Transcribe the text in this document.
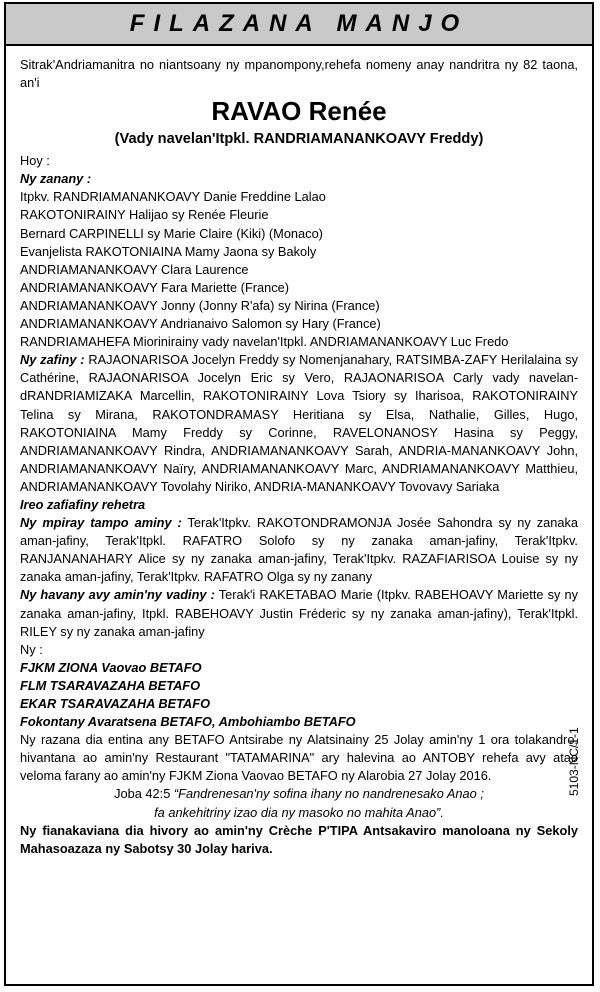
FILAZANA MANJO

Sitrak'Andriamanitra no niantsoany ny mpanompony,rehefa nomeny anay nandritra ny 82 taona, an'i

RAVAO Renée

(Vady navelan'Itpkl. RANDRIAMANANKOAVY Freddy)

Hoy :

Ny zanany :

Itpkv. RANDRIAMANANKOAVY Danie Freddine Lalao

RAKOTONIRAINY Halijao sy Renée Fleurie

Bernard CARPINELLI sy Marie Claire (Kiki) (Monaco)

Evanjelista RAKOTONIAINA Mamy Jaona sy Bakoly

ANDRIAMANANKOAVY Clara Laurence

ANDRIAMANANKOAVY Fara Mariette (France)

ANDRIAMANANKOAVY Jonny (Jonny R'afa) sy Nirina (France)

ANDRIAMANANKOAVY Andrianaivo Salomon sy Hary (France)

RANDRIAMAHEFA Miorinirainy vady navelan'Itpkl. ANDRIAMANANKOAVY Luc Fredo

Ny zafiny : RAJAONARISOA Jocelyn Freddy sy Nomenjanahary, RATSIMBA-ZAFY Herilalaina sy Cathérine, RAJAONARISOA Jocelyn Eric sy Vero, RAJAONARISOA Carly vady navelan-dRANDRIAMIZAKA Marcellin, RAKOTONIRAINY Lova Tsiory sy Iharisoa, RAKOTONIRAINY Telina sy Mirana, RAKOTONDRAMASY Heritiana sy Elsa, Nathalie, Gilles, Hugo, RAKOTONIAINA Mamy Freddy sy Corinne, RAVELONANOSY Hasina sy Peggy, ANDRIAMANANKOAVY Rindra, ANDRIAMANANKOAVY Sarah, ANDRIA-MANANKOAVY John, ANDRIAMANANKOAVY Naïry, ANDRIAMANANKOAVY Marc, ANDRIAMANANKOAVY Matthieu, ANDRIAMANANKOAVY Tovolahy Niriko, ANDRIA-MANANKOAVY Tovovavy Sariaka

Ireo zafiafiny rehetra

Ny mpiray tampo aminy : Terak'Itpkv. RAKOTONDRAMONJA Josée Sahondra sy ny zanaka aman-jafiny, Terak'Itpkl. RAFATRO Solofo sy ny zanaka aman-jafiny, Terak'Itpkv. RANJANANAHARY Alice sy ny zanaka aman-jafiny, Terak'Itpkv. RAZAFIARISOA Louise sy ny zanaka aman-jafiny, Terak'Itpkv. RAFATRO Olga sy ny zanany

Ny havany avy amin'ny vadiny : Terak'i RAKETABAO Marie (Itpkv. RABEHOAVY Mariette sy ny zanaka aman-jafiny, Itpkl. RABEHOAVY Justin Fréderic sy ny zanaka aman-jafiny), Terak'Itpkl. RILEY sy ny zanaka aman-jafiny

Ny :

FJKM ZIONA Vaovao BETAFO

FLM TSARAVAZAHA BETAFO

EKAR TSARAVAZAHA BETAFO

Fokontany Avaratsena BETAFO, Ambohiambo BETAFO

Ny razana dia entina any BETAFO Antsirabe ny Alatsinainy 25 Jolay amin'ny 1 ora tolakandro, hivantana ao amin'ny Restaurant "TATAMARINA" ary halevina ao ANTOBY rehefa avy atao veloma farany ao amin'ny FJKM Ziona Vaovao BETAFO ny Alarobia 27 Jolay 2016.

Joba 42:5 “Fandrenesan'ny sofina ihany no nandrenesako Anao ;

fa ankehitriny izao dia ny masoko no mahita Anao”.

Ny fianakaviana dia hivory ao amin'ny Crèche P'TIPA Antsakaviro manoloana ny Sekoly Mahasoazaza ny Sabotsy 30 Jolay hariva.

5103-NC/1-1
